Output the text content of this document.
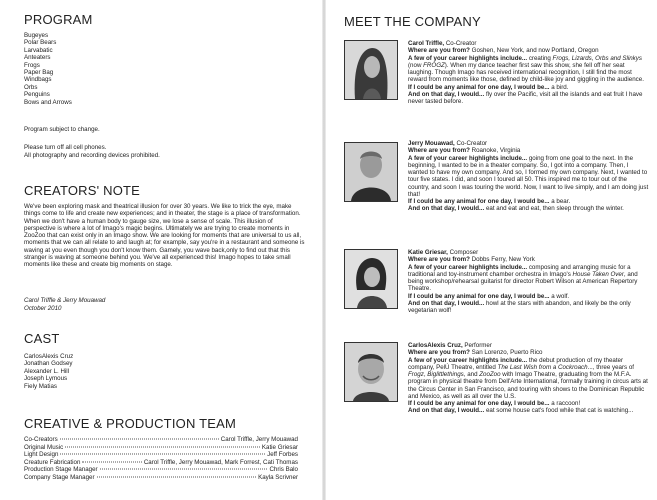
PROGRAM
Bugeyes
Polar Bears
Larvabatic
Anteaters
Frogs
Paper Bag
Windbags
Orbs
Penguins
Bows and Arrows
Program subject to change.
Please turn off all cell phones.
All photography and recording devices prohibited.
CREATORS' NOTE
We've been exploring mask and theatrical illusion for over 30 years. We like to trick the eye, make things come to life and create new experiences; and in theater, the stage is a place of transformation. When we don't have a human body to gauge size, we lose a sense of scale. This illusion of perspective is where a lot of Imago's magic begins. Ultimately we are trying to create moments in ZooZoo that can exist only in an Imago show. We are looking for moments that are universal to us all, moments that we can all relate to and laugh at; for example, say you're in a restaurant and someone is waving at you even though you don't know them. Gamely, you wave back,only to find out that this stranger is waving at someone behind you. We've all experienced this! Imago hopes to take small moments like these and create big moments on stage.
Carol Triffle & Jerry Mouawad
October 2010
CAST
CarlosAlexis Cruz
Jonathan Godsey
Alexander L. Hill
Joseph Lymous
Fiely Matias
CREATIVE & PRODUCTION TEAM
Co-Creators	Carol Triffle, Jerry Mouawad
Original Music	Katie Griesar
Light Design	Jeff Forbes
Creature Fabrication	Carol Triffle, Jerry Mouawad, Mark Forrest, Cati Thomas
Production Stage Manager	Chris Balo
Company Stage Manager	Kayla Scrivner
MEET THE COMPANY
Carol Triffle, Co-Creator
Where are you from? Goshen, New York, and now Portland, Oregon
A few of your career highlights include... creating Frogs, Lizards, Orbs and Slinkys (now FROGZ). When my dance teacher first saw this show, she fell off her seat laughing. Though Imago has received international recognition, I still find the most reward from moments like those, defined by child-like joy and giggling in the audience.
If I could be any animal for one day, I would be... a bird.
And on that day, I would... fly over the Pacific, visit all the islands and eat fruit I have never tasted before.
Jerry Mouawad, Co-Creator
Where are you from? Roanoke, Virginia
A few of your career highlights include... going from one goal to the next. In the beginning, I wanted to be in a theater company. So, I got into a company. Then, I wanted to have my own company. And so, I formed my own company. Next, I wanted to tour five states. I did, and soon I toured all 50. This inspired me to tour out of the country, and soon I was touring the world. Now, I want to live simply, and I am doing just that!
If I could be any animal for one day, I would be... a bear.
And on that day, I would... eat and eat and eat, then sleep through the winter.
Katie Griesar, Composer
Where are you from? Dobbs Ferry, New York
A few of your career highlights include... composing and arranging music for a traditional and toy-instrument chamber orchestra in Imago's House Taken Over, and being workshop/rehearsal guitarist for director Robert Wilson at American Repertory Theatre.
If I could be any animal for one day, I would be... a wolf.
And on that day, I would... howl at the stars with abandon, and likely be the only vegetarian wolf!
CarlosAlexis Cruz, Performer
Where are you from? San Lorenzo, Puerto Rico
A few of your career highlights include... the debut production of my theater company, PelÚ Theatre, entitled The Last Wish from a Cockroach..., three years of Frogz, Biglittlethings, and ZooZoo with Imago Theatre, graduating from the M.F.A. program in physical theatre from Dell'Arte International, formally training in circus arts at the Circus Center in San Francisco, and touring with shows to the Dominican Republic and Mexico, as well as all over the U.S.
If I could be any animal for one day, I would be... a raccoon!
And on that day, I would... eat some house cat's food while that cat is watching...
